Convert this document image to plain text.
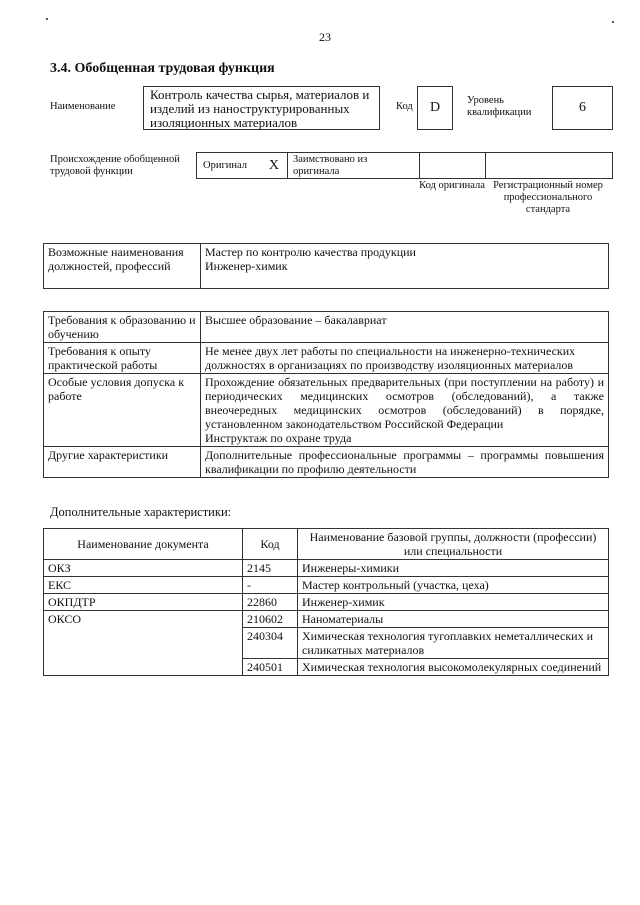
23
3.4. Обобщенная трудовая функция
Наименование
Контроль качества сырья, материалов и изделий из наноструктурированных изоляционных материалов
Код	D	Уровень квалификации	6
Происхождение обобщенной трудовой функции
Оригинал X	Заимствовано из оригинала
Код оригинала Регистрационный номер профессионального стандарта
Возможные наименования должностей, профессий	
Мастер по контролю качества продукции
Инженер-химик
Требования к образованию и обучению	Высшее образование – бакалавриат
Требования к опыту практической работы	Не менее двух лет работы по специальности на инженерно-технических должностях в организациях по производству изоляционных материалов
Особые условия допуска к работе	Прохождение обязательных предварительных (при поступлении на работу) и периодических медицинских осмотров (обследований), а также внеочередных медицинских осмотров (обследований) в порядке, установленном законодательством Российской Федерации
Инструктаж по охране труда

Другие характеристики	Дополнительные профессиональные программы – программы повышения квалификации по профилю деятельности
Дополнительные характеристики:
Наименование документа	Код	Наименование базовой группы, должности (профессии) или специальности
ОКЗ	2145	Инженеры-химики
ЕКС	-	Мастер контрольный (участка, цеха)
ОКПДТР	22860	Инженер-химик
ОКСО	210602	Наноматериалы
	240304	Химическая технология тугоплавких неметаллических и силикатных материалов
	240501	Химическая технология высокомолекулярных соединений
